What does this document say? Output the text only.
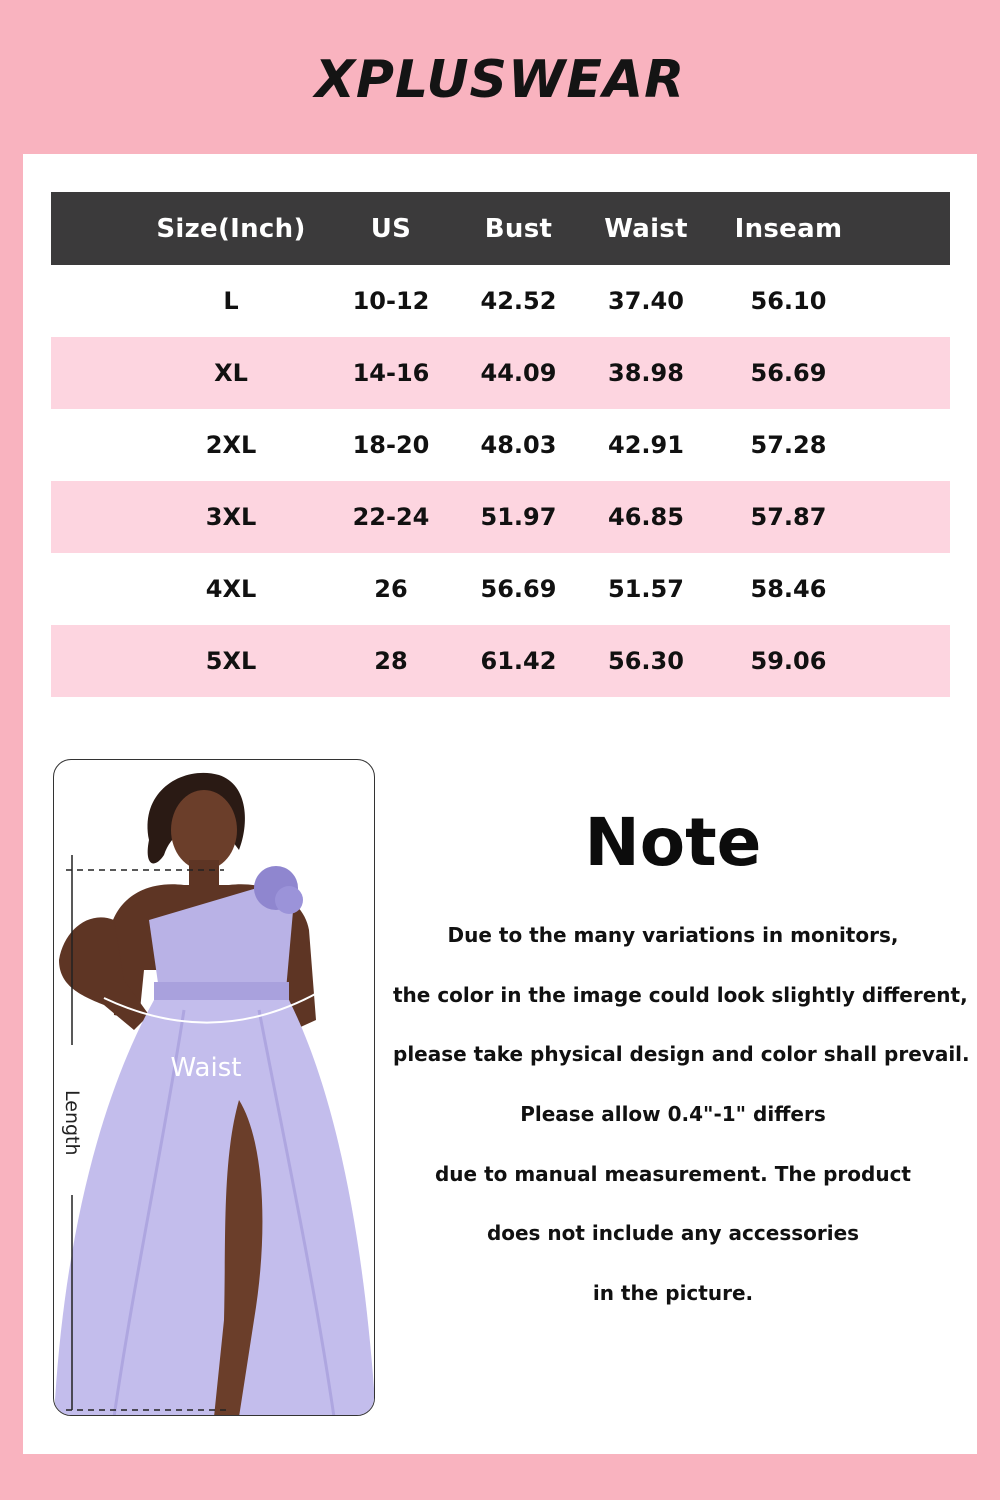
XPLUSWEAR
Size(Inch)	US	Bust	Waist	Inseam
L	10-12	42.52	37.40	56.10
XL	14-16	44.09	38.98	56.69
2XL	18-20	48.03	42.91	57.28
3XL	22-24	51.97	46.85	57.87
4XL	26	56.69	51.57	58.46
5XL	28	61.42	56.30	59.06
Waist
Length
Note
Due to the many variations in monitors,
the color in the image could look slightly different,
please take physical design and color shall prevail.
Please allow 0.4"-1" differs
due to manual measurement. The product
does not include any accessories
in the picture.
